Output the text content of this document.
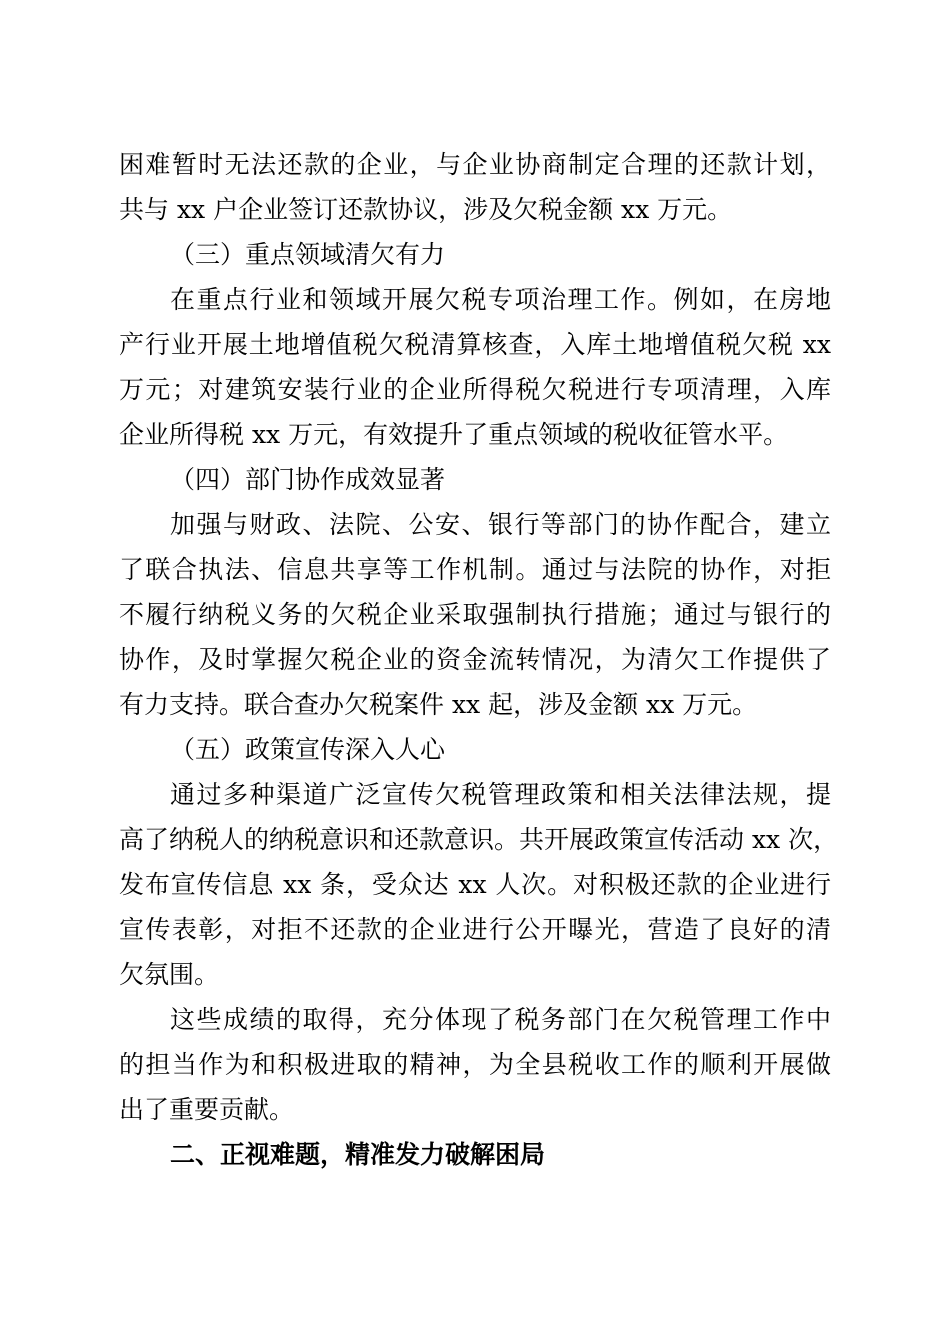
困难暂时无法还款的企业，与企业协商制定合理的还款计划，

共与 xx 户企业签订还款协议，涉及欠税金额 xx 万元。

（三）重点领域清欠有力

在重点行业和领域开展欠税专项治理工作。例如，在房地

产行业开展土地增值税欠税清算核查，入库土地增值税欠税 xx

万元；对建筑安装行业的企业所得税欠税进行专项清理，入库

企业所得税 xx 万元，有效提升了重点领域的税收征管水平。

（四）部门协作成效显著

加强与财政、法院、公安、银行等部门的协作配合，建立

了联合执法、信息共享等工作机制。通过与法院的协作，对拒

不履行纳税义务的欠税企业采取强制执行措施；通过与银行的

协作，及时掌握欠税企业的资金流转情况，为清欠工作提供了

有力支持。联合查办欠税案件 xx 起，涉及金额 xx 万元。

（五）政策宣传深入人心

通过多种渠道广泛宣传欠税管理政策和相关法律法规，提

高了纳税人的纳税意识和还款意识。共开展政策宣传活动 xx 次，

发布宣传信息 xx 条，受众达 xx 人次。对积极还款的企业进行

宣传表彰，对拒不还款的企业进行公开曝光，营造了良好的清

欠氛围。

这些成绩的取得，充分体现了税务部门在欠税管理工作中

的担当作为和积极进取的精神，为全县税收工作的顺利开展做

出了重要贡献。

二、正视难题，精准发力破解困局
